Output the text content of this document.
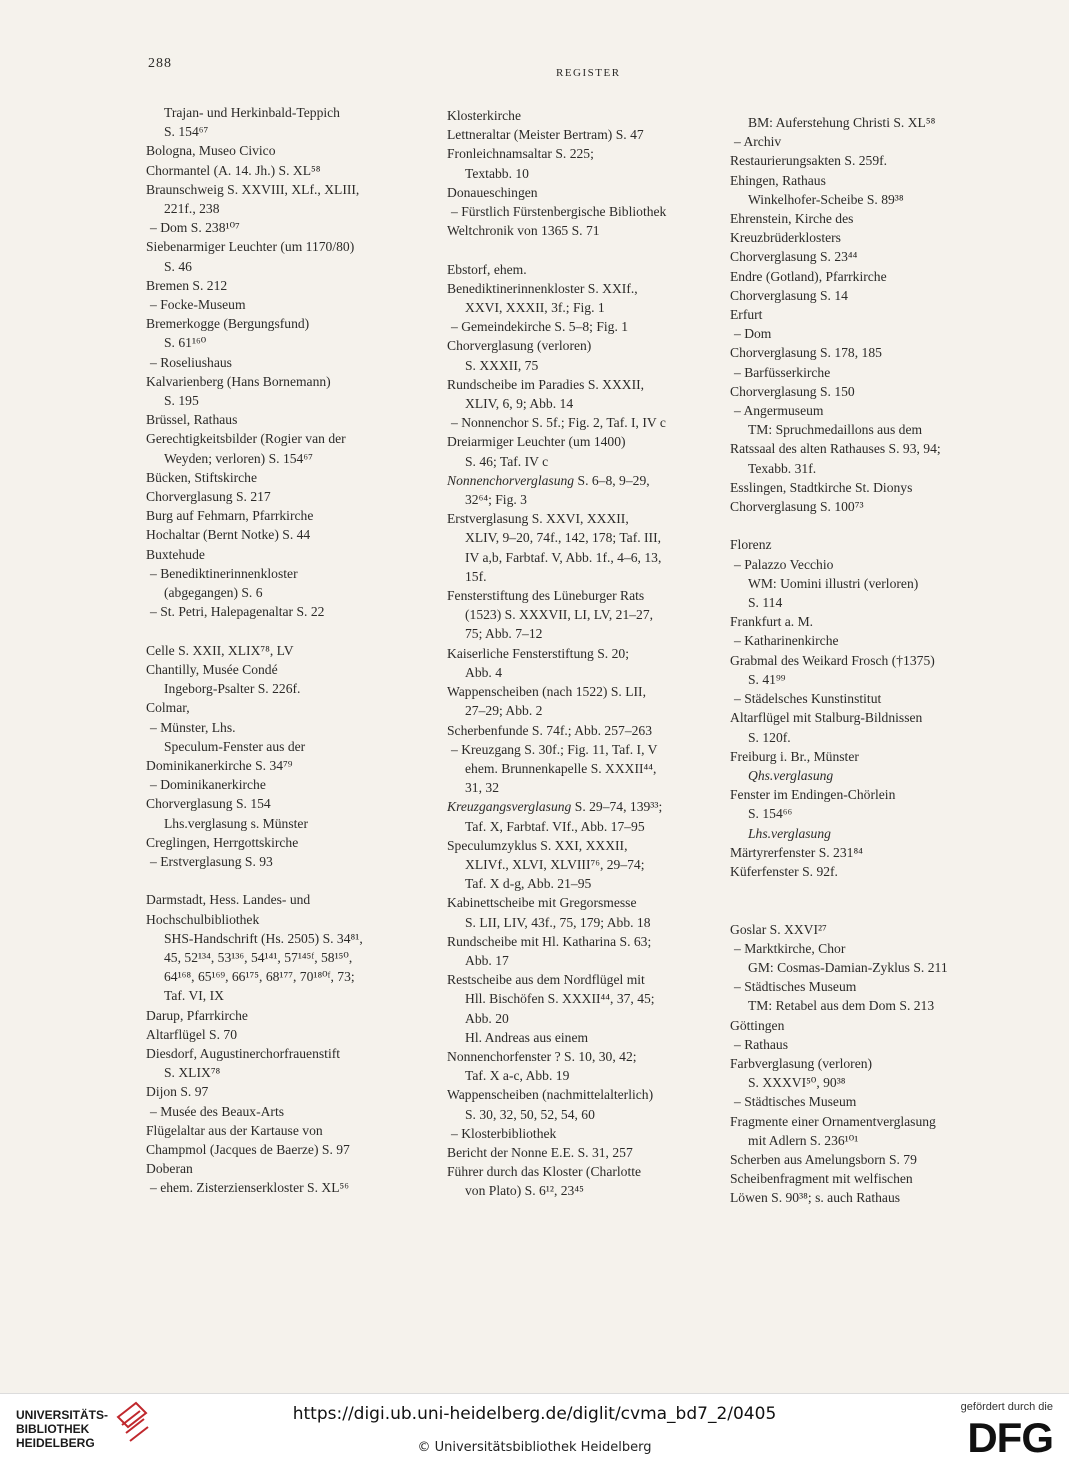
288
REGISTER
Trajan- und Herkinbald-Teppich
S. 154⁶⁷
Bologna, Museo Civico
Chormantel (A. 14. Jh.) S. XL⁵⁸
Braunschweig S. XXVIII, XLf., XLIII,
221f., 238
– Dom S. 238¹⁰⁷
Siebenarmiger Leuchter (um 1170/80)
S. 46
Bremen S. 212
– Focke-Museum
Bremerkogge (Bergungsfund)
S. 61¹⁶⁰
– Roseliushaus
Kalvarienberg (Hans Bornemann)
S. 195
Brüssel, Rathaus
Gerechtigkeitsbilder (Rogier van der
Weyden; verloren) S. 154⁶⁷
Bücken, Stiftskirche
Chorverglasung S. 217
Burg auf Fehmarn, Pfarrkirche
Hochaltar (Bernt Notke) S. 44
Buxtehude
– Benediktinerinnenkloster
(abgegangen) S. 6
– St. Petri, Halepagenaltar S. 22

Celle S. XXII, XLIX⁷⁸, LV
Chantilly, Musée Condé
Ingeborg-Psalter S. 226f.
Colmar,
– Münster, Lhs.
Speculum-Fenster aus der
Dominikanerkirche S. 34⁷⁹
– Dominikanerkirche
Chorverglasung S. 154
Lhs.verglasung s. Münster
Creglingen, Herrgottskirche
– Erstverglasung S. 93

Darmstadt, Hess. Landes- und
Hochschulbibliothek
SHS-Handschrift (Hs. 2505) S. 34⁸¹,
45, 52¹³⁴, 53¹³⁶, 54¹⁴¹, 57¹⁴⁵ᶠ, 58¹⁵⁰,
64¹⁶⁸, 65¹⁶⁹, 66¹⁷⁵, 68¹⁷⁷, 70¹⁸⁰ᶠ, 73;
Taf. VI, IX
Darup, Pfarrkirche
Altarflügel S. 70
Diesdorf, Augustinerchorfrauenstift
S. XLIX⁷⁸
Dijon S. 97
– Musée des Beaux-Arts
Flügelaltar aus der Kartause von
Champmol (Jacques de Baerze) S. 97
Doberan
– ehem. Zisterzienserkloster S. XL⁵⁶
Klosterkirche
Lettneraltar (Meister Bertram) S. 47
Fronleichnamsaltar S. 225;
Textabb. 10
Donaueschingen
– Fürstlich Fürstenbergische Bibliothek
Weltchronik von 1365 S. 71

Ebstorf, ehem.
Benediktinerinnenkloster S. XXIf.,
XXVI, XXXII, 3f.; Fig. 1
– Gemeindekirche S. 5–8; Fig. 1
Chorverglasung (verloren)
S. XXXII, 75
Rundscheibe im Paradies S. XXXII,
XLIV, 6, 9; Abb. 14
– Nonnenchor S. 5f.; Fig. 2, Taf. I, IV c
Dreiarmiger Leuchter (um 1400)
S. 46; Taf. IV c
Nonnenchorverglasung S. 6–8, 9–29,
32⁶⁴; Fig. 3
Erstverglasung S. XXVI, XXXII,
XLIV, 9–20, 74f., 142, 178; Taf. III,
IV a,b, Farbtaf. V, Abb. 1f., 4–6, 13,
15f.
Fensterstiftung des Lüneburger Rats
(1523) S. XXXVII, LI, LV, 21–27,
75; Abb. 7–12
Kaiserliche Fensterstiftung S. 20;
Abb. 4
Wappenscheiben (nach 1522) S. LII,
27–29; Abb. 2
Scherbenfunde S. 74f.; Abb. 257–263
– Kreuzgang S. 30f.; Fig. 11, Taf. I, V
ehem. Brunnenkapelle S. XXXII⁴⁴,
31, 32
Kreuzgangsverglasung S. 29–74, 139³³;
Taf. X, Farbtaf. VIf., Abb. 17–95
Speculumzyklus S. XXI, XXXII,
XLIVf., XLVI, XLVIII⁷⁶, 29–74;
Taf. X d-g, Abb. 21–95
Kabinettscheibe mit Gregorsmesse
S. LII, LIV, 43f., 75, 179; Abb. 18
Rundscheibe mit Hl. Katharina S. 63;
Abb. 17
Restscheibe aus dem Nordflügel mit
Hll. Bischöfen S. XXXII⁴⁴, 37, 45;
Abb. 20
Hl. Andreas aus einem
Nonnenchorfenster ? S. 10, 30, 42;
Taf. X a-c, Abb. 19
Wappenscheiben (nachmittelalterlich)
S. 30, 32, 50, 52, 54, 60
– Klosterbibliothek
Bericht der Nonne E.E. S. 31, 257
Führer durch das Kloster (Charlotte
von Plato) S. 6¹², 23⁴⁵
BM: Auferstehung Christi S. XL⁵⁸
– Archiv
Restaurierungsakten S. 259f.
Ehingen, Rathaus
Winkelhofer-Scheibe S. 89³⁸
Ehrenstein, Kirche des
Kreuzbrüderklosters
Chorverglasung S. 23⁴⁴
Endre (Gotland), Pfarrkirche
Chorverglasung S. 14
Erfurt
– Dom
Chorverglasung S. 178, 185
– Barfüsserkirche
Chorverglasung S. 150
– Angermuseum
TM: Spruchmedaillons aus dem
Ratssaal des alten Rathauses S. 93, 94;
Texabb. 31f.
Esslingen, Stadtkirche St. Dionys
Chorverglasung S. 100⁷³

Florenz
– Palazzo Vecchio
WM: Uomini illustri (verloren)
S. 114
Frankfurt a. M.
– Katharinenkirche
Grabmal des Weikard Frosch (†1375)
S. 41⁹⁹
– Städelsches Kunstinstitut
Altarflügel mit Stalburg-Bildnissen
S. 120f.
Freiburg i. Br., Münster
Qhs.verglasung
Fenster im Endingen-Chörlein
S. 154⁶⁶
Lhs.verglasung
Märtyrerfenster S. 231⁸⁴
Küferfenster S. 92f.

Goslar S. XXVI²⁷
– Marktkirche, Chor
GM: Cosmas-Damian-Zyklus S. 211
– Städtisches Museum
TM: Retabel aus dem Dom S. 213
Göttingen
– Rathaus
Farbverglasung (verloren)
S. XXXVI⁵⁰, 90³⁸
– Städtisches Museum
Fragmente einer Ornamentverglasung
mit Adlern S. 236¹⁰¹
Scherben aus Amelungsborn S. 79
Scheibenfragment mit welfischen
Löwen S. 90³⁸; s. auch Rathaus
UNIVERSITÄTS- BIBLIOTHEK HEIDELBERG
https://digi.ub.uni-heidelberg.de/diglit/cvma_bd7_2/0405
© Universitätsbibliothek Heidelberg
gefördert durch die
DFG
